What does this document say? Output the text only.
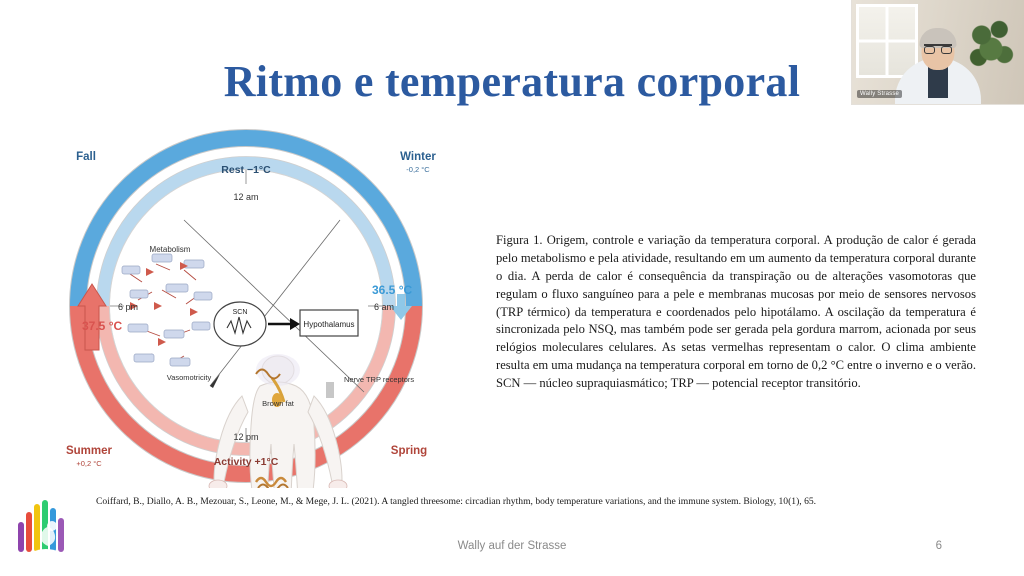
Wally Strasse
Ritmo e temperatura corporal
SCN
Hypothalamus
Rest −1°C
Activity +1°C
12 am
12 pm
6 pm	6 am
Winter
-0,2 °C
Fall
Summer
+0,2 °C
Spring
37.5 °C
36.5 °C
Metabolism
Vasomotricity
Brown fat
Nerve TRP receptors
Figura 1. Origem, controle e variação da temperatura corporal. A produção de calor é gerada pelo metabolismo e pela atividade, resultando em um aumento da temperatura corporal durante o dia. A perda de calor é consequência da transpiração ou de alterações vasomotoras que regulam o fluxo sanguíneo para a pele e membranas mucosas por meio de sensores nervosos (TRP térmico) da temperatura e coordenados pelo hipotálamo. A oscilação da temperatura é sincronizada pelo NSQ, mas também pode ser gerada pela gordura marrom, acionada por seus relógios moleculares celulares. As setas vermelhas representam o calor. O clima ambiente resulta em uma mudança na temperatura corporal em torno de 0,2 °C entre o inverno e o verão. SCN — núcleo supraquiasmático; TRP — potencial receptor transitório.
Coiffard, B., Diallo, A. B., Mezouar, S., Leone, M., & Mege, J. L. (2021). A tangled threesome: circadian rhythm, body temperature variations, and the immune system. Biology, 10(1), 65.
Wally auf der Strasse	6
